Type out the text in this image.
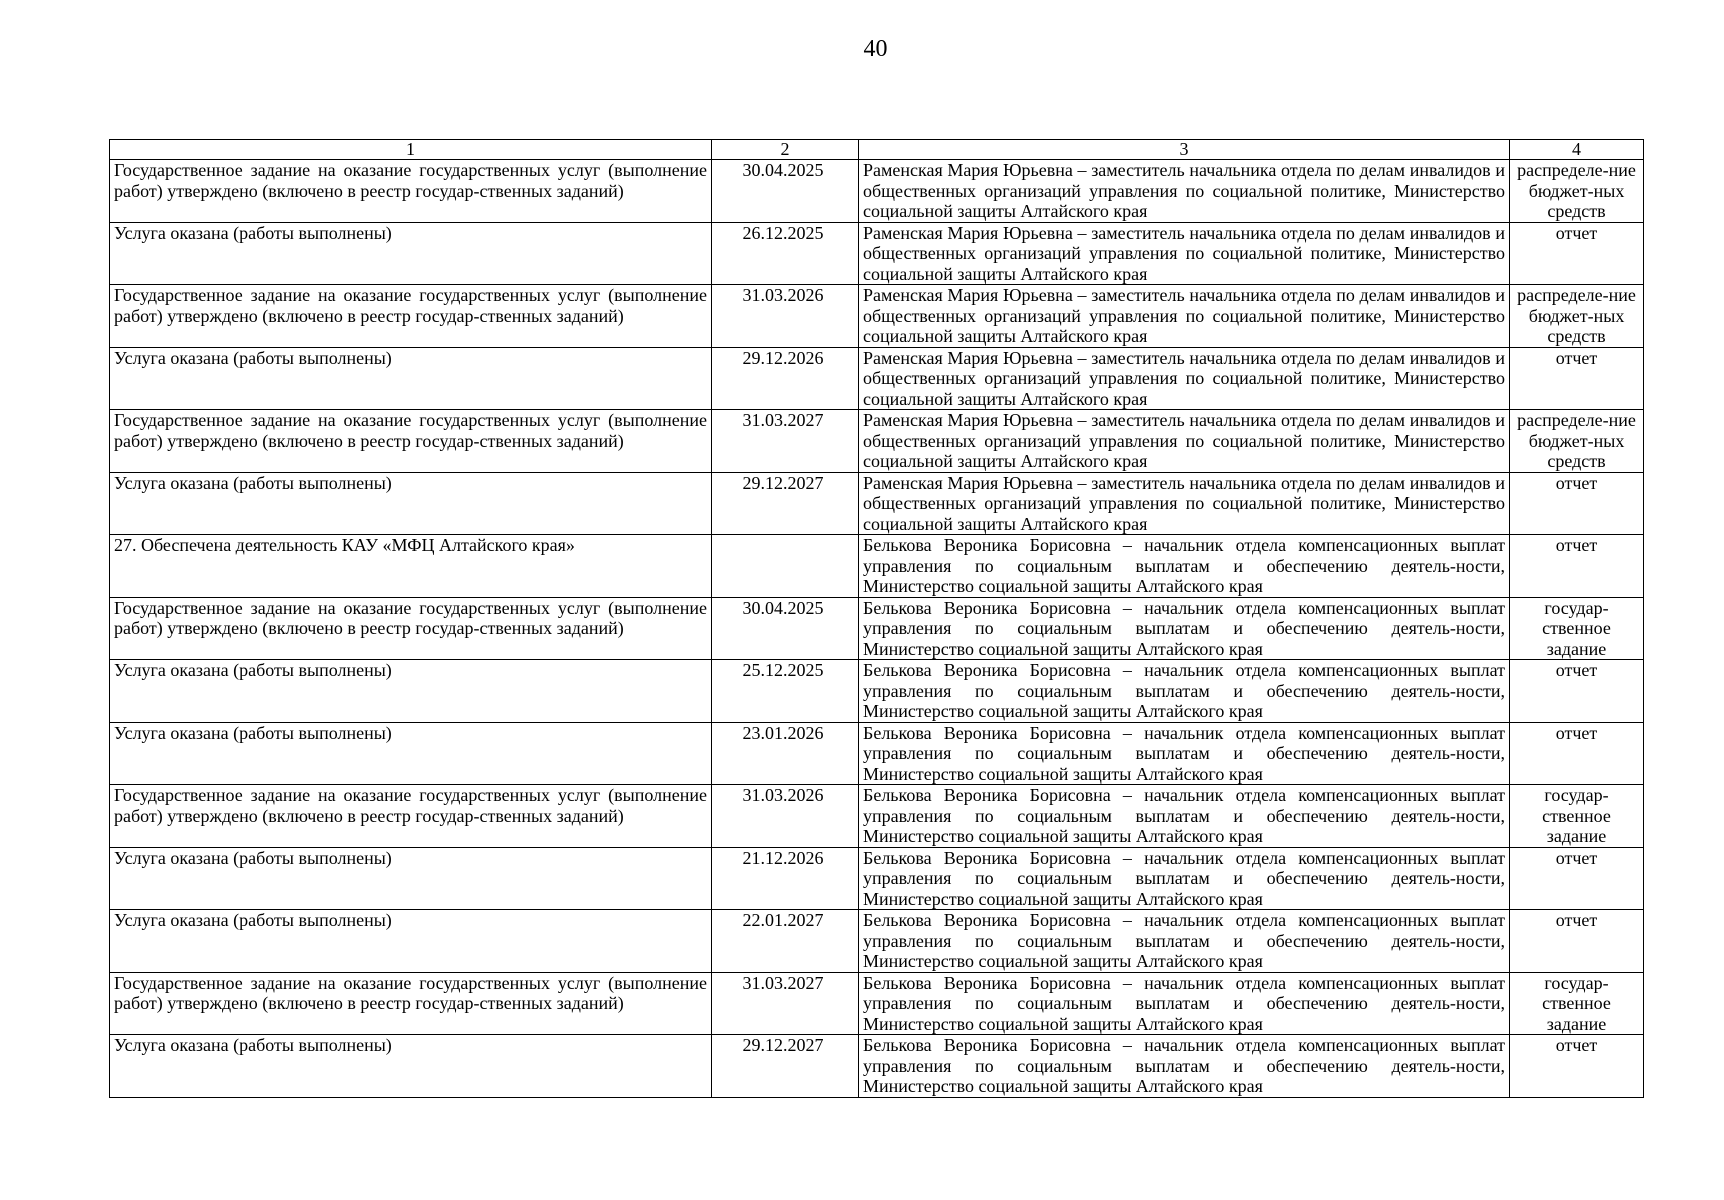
40
1	2	3	4
Государственное задание на оказание государственных услуг (выполнение работ) утверждено (включено в реестр государ-ственных заданий)	30.04.2025	Раменская Мария Юрьевна – заместитель начальника отдела по делам инвалидов и общественных организаций управления по социальной политике, Министерство социальной защиты Алтайского края	распределе-ние бюджет-ных средств
Услуга оказана (работы выполнены)	26.12.2025	Раменская Мария Юрьевна – заместитель начальника отдела по делам инвалидов и общественных организаций управления по социальной политике, Министерство социальной защиты Алтайского края	отчет
Государственное задание на оказание государственных услуг (выполнение работ) утверждено (включено в реестр государ-ственных заданий)	31.03.2026	Раменская Мария Юрьевна – заместитель начальника отдела по делам инвалидов и общественных организаций управления по социальной политике, Министерство социальной защиты Алтайского края	распределе-ние бюджет-ных средств
Услуга оказана (работы выполнены)	29.12.2026	Раменская Мария Юрьевна – заместитель начальника отдела по делам инвалидов и общественных организаций управления по социальной политике, Министерство социальной защиты Алтайского края	отчет
Государственное задание на оказание государственных услуг (выполнение работ) утверждено (включено в реестр государ-ственных заданий)	31.03.2027	Раменская Мария Юрьевна – заместитель начальника отдела по делам инвалидов и общественных организаций управления по социальной политике, Министерство социальной защиты Алтайского края	распределе-ние бюджет-ных средств
Услуга оказана (работы выполнены)	29.12.2027	Раменская Мария Юрьевна – заместитель начальника отдела по делам инвалидов и общественных организаций управления по социальной политике, Министерство социальной защиты Алтайского края	отчет
27. Обеспечена деятельность КАУ «МФЦ Алтайского края»		Белькова Вероника Борисовна – начальник отдела компенсационных выплат управления по социальным выплатам и обеспечению деятель-ности, Министерство социальной защиты Алтайского края	отчет
Государственное задание на оказание государственных услуг (выполнение работ) утверждено (включено в реестр государ-ственных заданий)	30.04.2025	Белькова Вероника Борисовна – начальник отдела компенсационных выплат управления по социальным выплатам и обеспечению деятель-ности, Министерство социальной защиты Алтайского края	государ-ственное задание
Услуга оказана (работы выполнены)	25.12.2025	Белькова Вероника Борисовна – начальник отдела компенсационных выплат управления по социальным выплатам и обеспечению деятель-ности, Министерство социальной защиты Алтайского края	отчет
Услуга оказана (работы выполнены)	23.01.2026	Белькова Вероника Борисовна – начальник отдела компенсационных выплат управления по социальным выплатам и обеспечению деятель-ности, Министерство социальной защиты Алтайского края	отчет
Государственное задание на оказание государственных услуг (выполнение работ) утверждено (включено в реестр государ-ственных заданий)	31.03.2026	Белькова Вероника Борисовна – начальник отдела компенсационных выплат управления по социальным выплатам и обеспечению деятель-ности, Министерство социальной защиты Алтайского края	государ-ственное задание
Услуга оказана (работы выполнены)	21.12.2026	Белькова Вероника Борисовна – начальник отдела компенсационных выплат управления по социальным выплатам и обеспечению деятель-ности, Министерство социальной защиты Алтайского края	отчет
Услуга оказана (работы выполнены)	22.01.2027	Белькова Вероника Борисовна – начальник отдела компенсационных выплат управления по социальным выплатам и обеспечению деятель-ности, Министерство социальной защиты Алтайского края	отчет
Государственное задание на оказание государственных услуг (выполнение работ) утверждено (включено в реестр государ-ственных заданий)	31.03.2027	Белькова Вероника Борисовна – начальник отдела компенсационных выплат управления по социальным выплатам и обеспечению деятель-ности, Министерство социальной защиты Алтайского края	государ-ственное задание
Услуга оказана (работы выполнены)	29.12.2027	Белькова Вероника Борисовна – начальник отдела компенсационных выплат управления по социальным выплатам и обеспечению деятель-ности, Министерство социальной защиты Алтайского края	отчет
